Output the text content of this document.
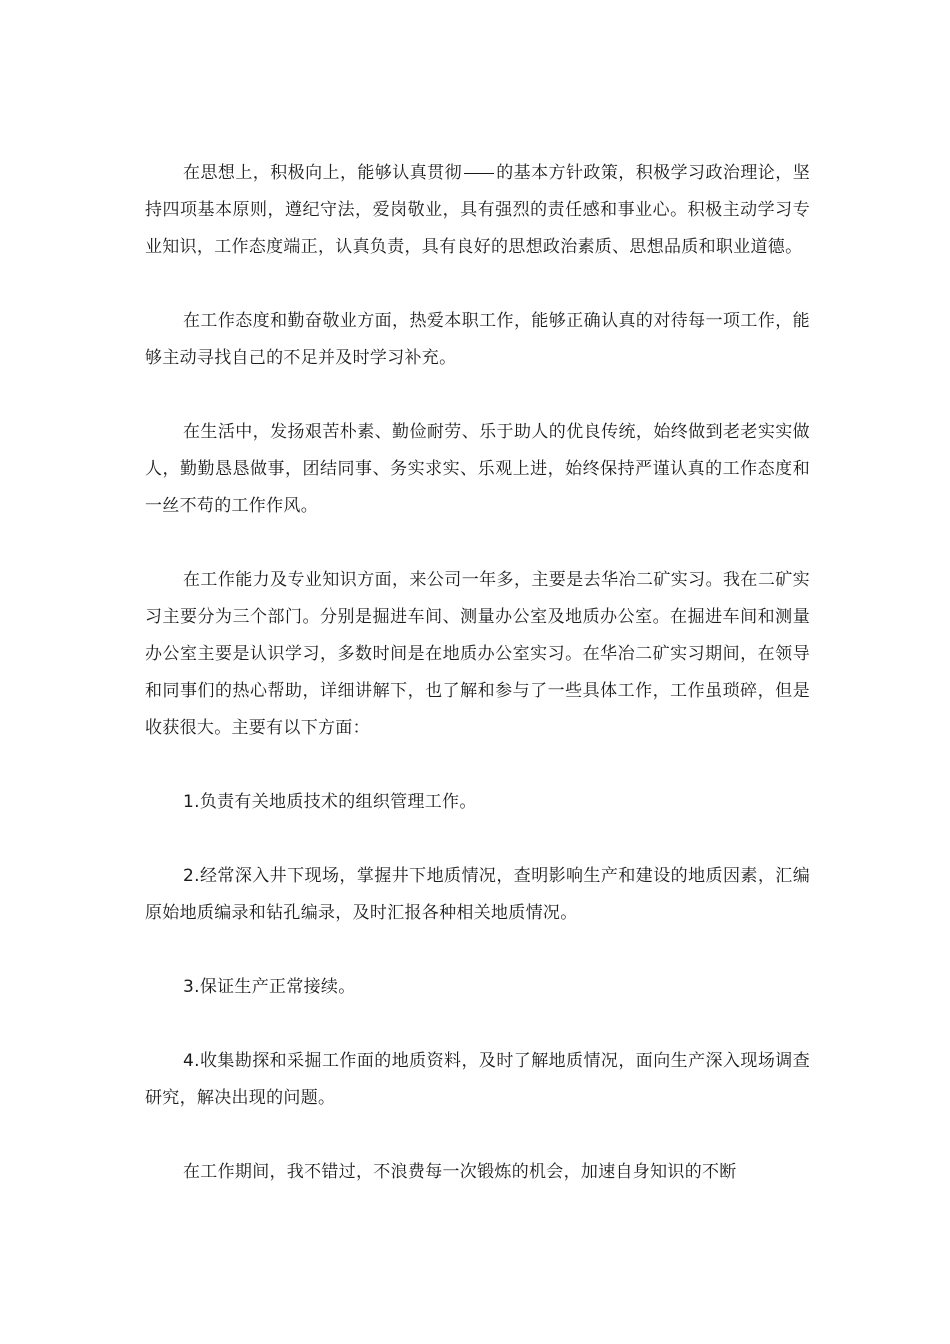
在思想上，积极向上，能够认真贯彻 的基本方针政策，积极学习政治理论，坚持四项基本原则，遵纪守法，爱岗敬业，具有强烈的责任感和事业心。积极主动学习专业知识，工作态度端正，认真负责，具有良好的思想政治素质、思想品质和职业道德。

在工作态度和勤奋敬业方面，热爱本职工作，能够正确认真的对待每一项工作，能够主动寻找自己的不足并及时学习补充。

在生活中，发扬艰苦朴素、勤俭耐劳、乐于助人的优良传统，始终做到老老实实做人，勤勤恳恳做事，团结同事、务实求实、乐观上进，始终保持严谨认真的工作态度和一丝不苟的工作作风。

在工作能力及专业知识方面，来公司一年多，主要是去华冶二矿实习。我在二矿实习主要分为三个部门。分别是掘进车间、测量办公室及地质办公室。在掘进车间和测量办公室主要是认识学习，多数时间是在地质办公室实习。在华冶二矿实习期间，在领导和同事们的热心帮助，详细讲解下，也了解和参与了一些具体工作，工作虽琐碎，但是收获很大。主要有以下方面：

1.负责有关地质技术的组织管理工作。

2.经常深入井下现场，掌握井下地质情况，查明影响生产和建设的地质因素，汇编原始地质编录和钻孔编录，及时汇报各种相关地质情况。

3.保证生产正常接续。

4.收集勘探和采掘工作面的地质资料，及时了解地质情况，面向生产深入现场调查研究，解决出现的问题。

在工作期间，我不错过，不浪费每一次锻炼的机会，加速自身知识的不断
